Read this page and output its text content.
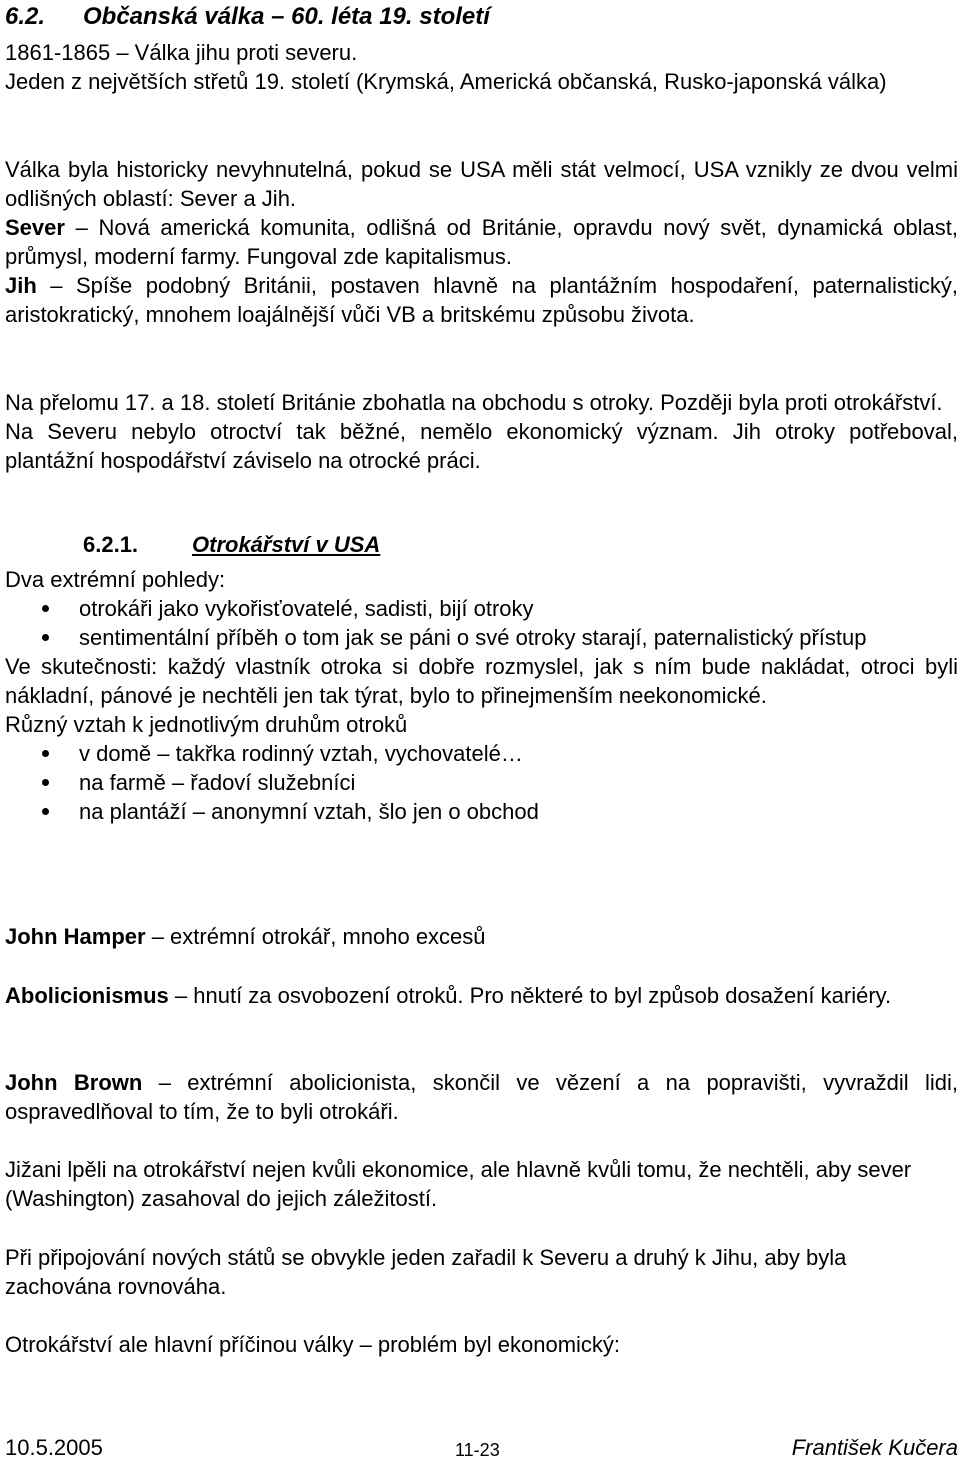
6.2. Občanská válka – 60. léta 19. století

1861-1865 – Válka jihu proti severu.

Jeden z největších střetů 19. století (Krymská, Americká občanská, Rusko-japonská válka)

Válka byla historicky nevyhnutelná, pokud se USA měli stát velmocí, USA vznikly ze dvou velmi odlišných oblastí: Sever a Jih.

Sever – Nová americká komunita, odlišná od Británie, opravdu nový svět, dynamická oblast, průmysl, moderní farmy. Fungoval zde kapitalismus.

Jih – Spíše podobný Británii, postaven hlavně na plantážním hospodaření, paternalistický, aristokratický, mnohem loajálnější vůči VB a britskému způsobu života.

Na přelomu 17. a 18. století Británie zbohatla na obchodu s otroky. Později byla proti otrokářství.

Na Severu nebylo otroctví tak běžné, nemělo ekonomický význam. Jih otroky potřeboval, plantážní hospodářství záviselo na otrocké práci.

6.2.1. Otrokářství v USA

Dva extrémní pohledy:

otrokáři jako vykořisťovatelé, sadisti, bijí otroky
sentimentální příběh o tom jak se páni o své otroky starají, paternalistický přístup

Ve skutečnosti: každý vlastník otroka si dobře rozmyslel, jak s ním bude nakládat, otroci byli nákladní, pánové je nechtěli jen tak týrat, bylo to přinejmenším neekonomické.

Různý vztah k jednotlivým druhům otroků

v domě – takřka rodinný vztah, vychovatelé…
na farmě – řadoví služebníci
na plantáží – anonymní vztah, šlo jen o obchod
John Hamper – extrémní otrokář, mnoho excesů
Abolicionismus – hnutí za osvobození otroků. Pro některé to byl způsob dosažení kariéry.
John Brown – extrémní abolicionista, skončil ve vězení a na popravišti, vyvraždil lidi, ospravedlňoval to tím, že to byli otrokáři.
Jižani lpěli na otrokářství nejen kvůli ekonomice, ale hlavně kvůli tomu, že nechtěli, aby sever (Washington) zasahoval do jejich záležitostí.
Při připojování nových států se obvykle jeden zařadil k Severu a druhý k Jihu, aby byla zachována rovnováha.
Otrokářství ale hlavní příčinou války – problém byl ekonomický:
10.5.2005	11-23	František Kučera
